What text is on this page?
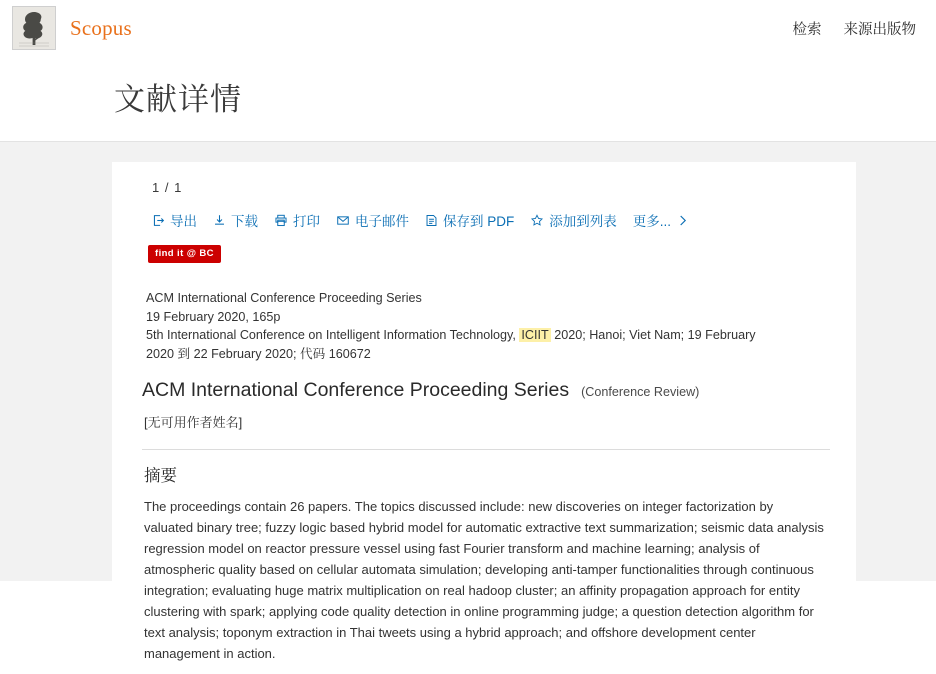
Scopus	检索 来源出版物
文献详情
1 / 1
导出	下载	打印	电子邮件	保存到 PDF	添加到列表 更多...
find it @ BC
ACM International Conference Proceeding Series
19 February 2020, 165p
5th International Conference on Intelligent Information Technology, ICIIT 2020; Hanoi; Viet Nam; 19 February
2020 到 22 February 2020; 代码 160672
ACM International Conference Proceeding Series (Conference Review)
[无可用作者姓名]
摘要

The proceedings contain 26 papers. The topics discussed include: new discoveries on integer factorization by valuated binary tree; fuzzy logic based hybrid model for automatic extractive text summarization; seismic data analysis regression model on reactor pressure vessel using fast Fourier transform and machine learning; analysis of atmospheric quality based on cellular automata simulation; developing anti-tamper functionalities through continuous integration; evaluating huge matrix multiplication on real hadoop cluster; an affinity propagation approach for entity clustering with spark; applying code quality detection in online programming judge; a question detection algorithm for text analysis; toponym extraction in Thai tweets using a hybrid approach; and offshore development center management in action.
